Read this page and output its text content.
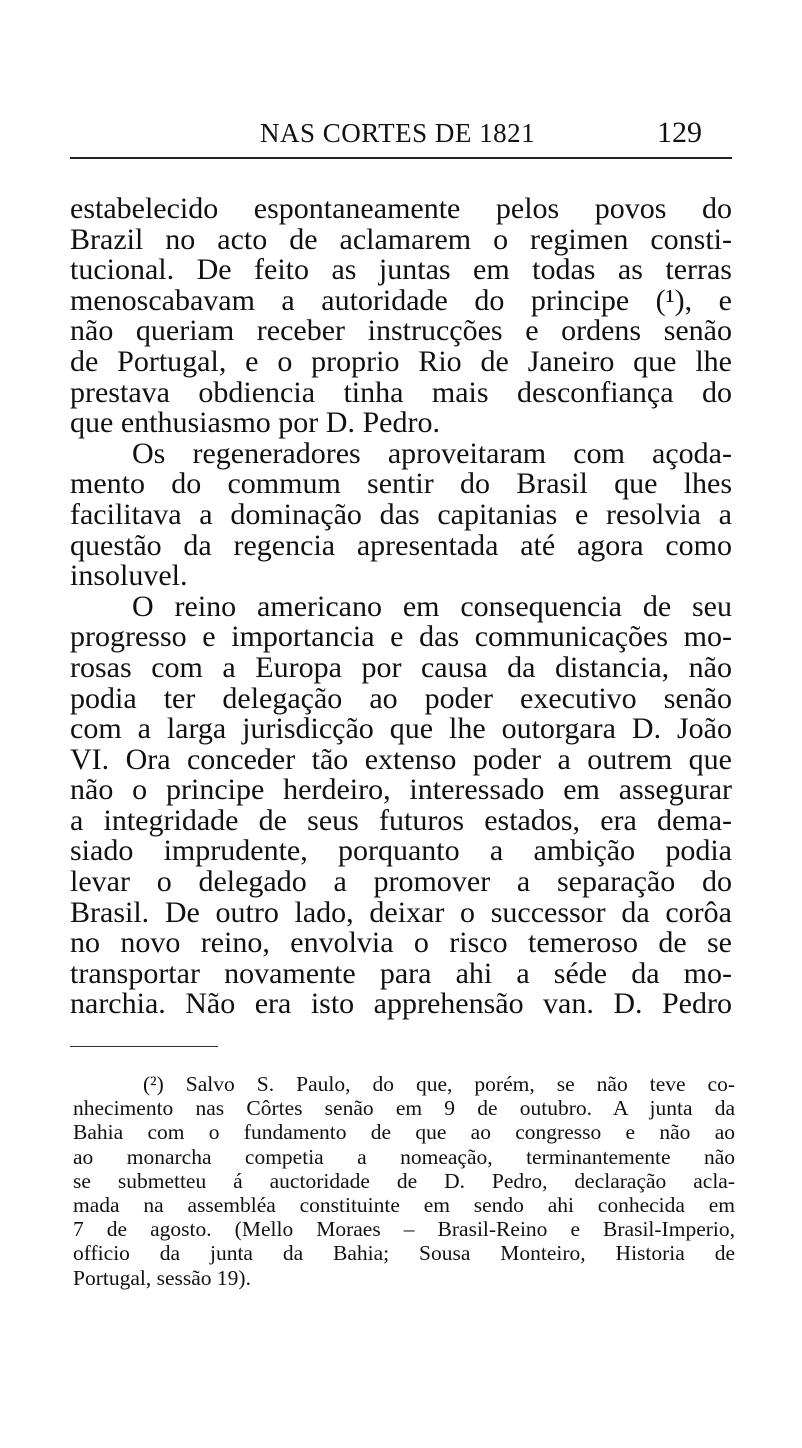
NAS CORTES DE 1821	129
estabelecido espontaneamente pelos povos do
Brazil no acto de aclamarem o regimen consti-
tucional. De feito as juntas em todas as terras
menoscabavam a autoridade do principe (¹), e
não queriam receber instrucções e ordens senão
de Portugal, e o proprio Rio de Janeiro que lhe
prestava obdiencia tinha mais desconfiança do
que enthusiasmo por D. Pedro.
Os regeneradores aproveitaram com açoda-
mento do commum sentir do Brasil que lhes
facilitava a dominação das capitanias e resolvia a
questão da regencia apresentada até agora como
insoluvel.
O reino americano em consequencia de seu
progresso e importancia e das communicações mo-
rosas com a Europa por causa da distancia, não
podia ter delegação ao poder executivo senão
com a larga jurisdicção que lhe outorgara D. João
VI. Ora conceder tão extenso poder a outrem que
não o principe herdeiro, interessado em assegurar
a integridade de seus futuros estados, era dema-
siado imprudente, porquanto a ambição podia
levar o delegado a promover a separação do
Brasil. De outro lado, deixar o successor da corôa
no novo reino, envolvia o risco temeroso de se
transportar novamente para ahi a séde da mo-
narchia. Não era isto apprehensão van. D. Pedro
(²) Salvo S. Paulo, do que, porém, se não teve co-
nhecimento nas Côrtes senão em 9 de outubro. A junta da
Bahia com o fundamento de que ao congresso e não ao
ao monarcha competia a nomeação, terminantemente não
se submetteu á auctoridade de D. Pedro, declaração acla-
mada na assembléa constituinte em sendo ahi conhecida em
7 de agosto. (Mello Moraes – Brasil-Reino e Brasil-Imperio,
officio da junta da Bahia; Sousa Monteiro, Historia de
Portugal, sessão 19).
